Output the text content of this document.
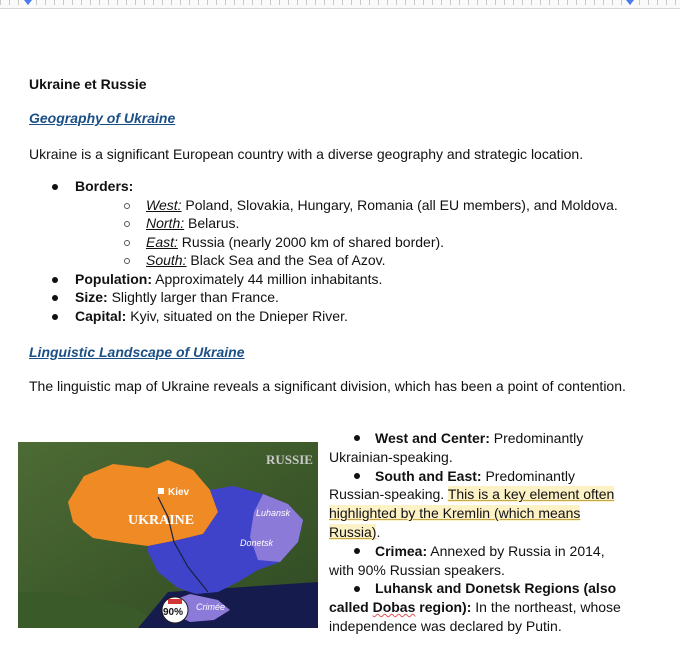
Ukraine et Russie
Geography of Ukraine
Ukraine is a significant European country with a diverse geography and strategic location.
Borders:
West: Poland, Slovakia, Hungary, Romania (all EU members), and Moldova.
North: Belarus.
East: Russia (nearly 2000 km of shared border).
South: Black Sea and the Sea of Azov.
Population: Approximately 44 million inhabitants.
Size: Slightly larger than France.
Capital: Kyiv, situated on the Dnieper River.
Linguistic Landscape of Ukraine
The linguistic map of Ukraine reveals a significant division, which has been a point of contention.
RUSSIE
Kiev
UKRAINE	Luhansk
Donetsk
Crimée
90%
West and Center: Predominantly Ukrainian-speaking.
South and East: Predominantly Russian-speaking. This is a key element often highlighted by the Kremlin (which means Russia).
Crimea: Annexed by Russia in 2014, with 90% Russian speakers.
Luhansk and Donetsk Regions (also called Dobas region): In the northeast, whose independence was declared by Putin.
